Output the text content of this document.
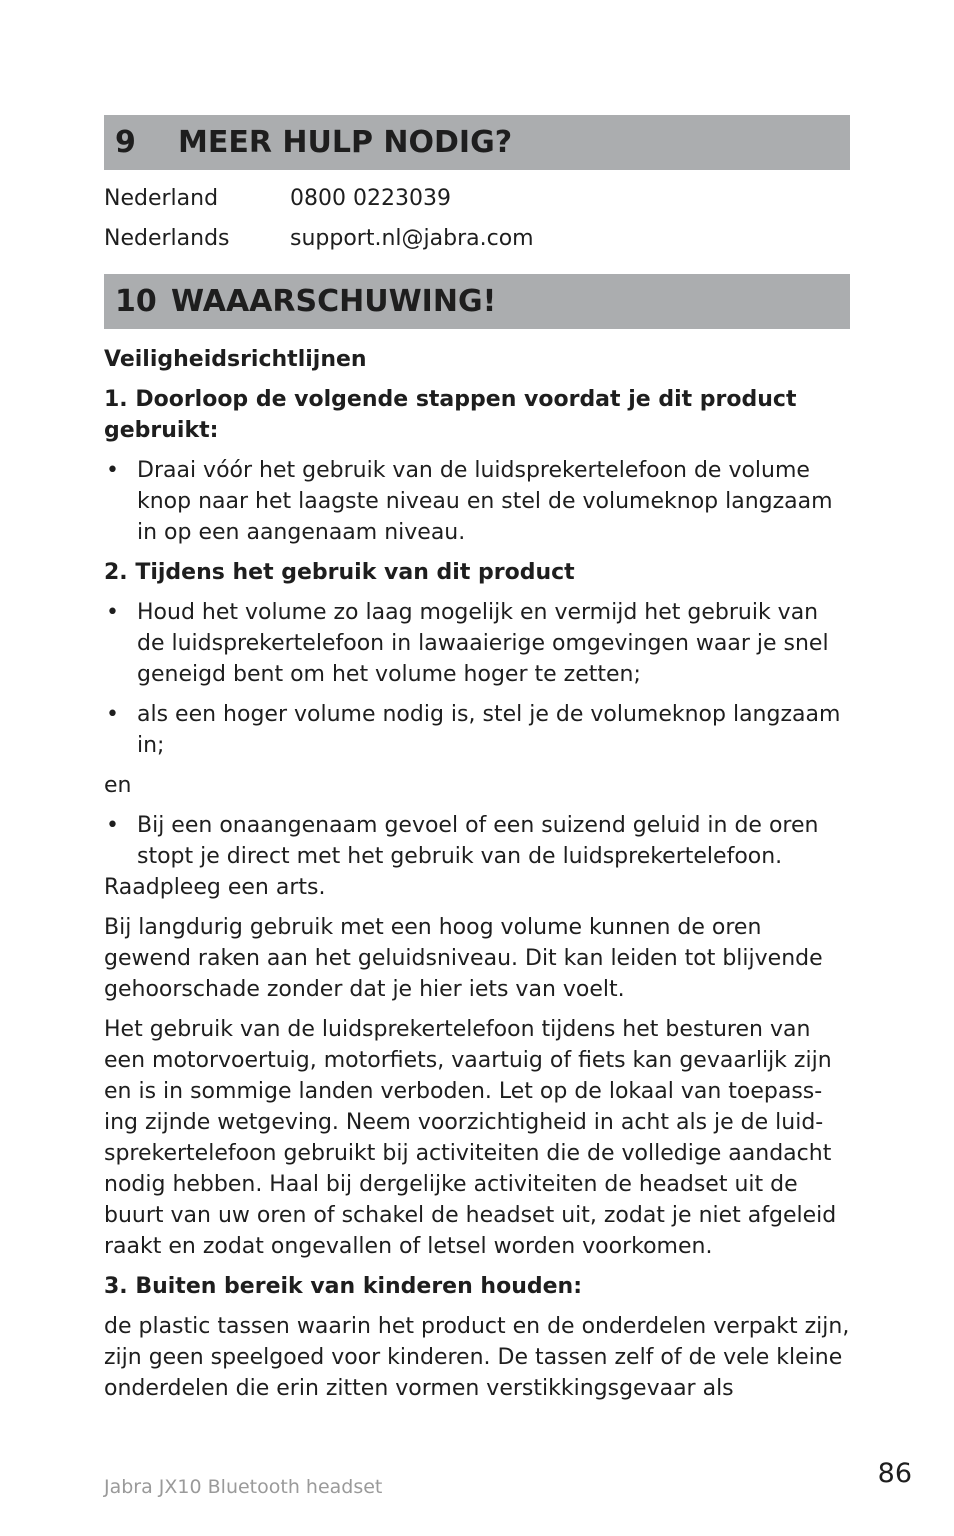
9 MEER HULP NODIG?
Nederland	0800 0223039
Nederlands	support.nl@jabra.com
10 WAAARSCHUWING!

Veiligheidsrichtlijnen

1. Doorloop de volgende stappen voordat je dit product gebruikt:

• Draai vóór het gebruik van de luidsprekertelefoon de volume knop naar het laagste niveau en stel de volumeknop langzaam in op een aangenaam niveau.

2. Tijdens het gebruik van dit product

• Houd het volume zo laag mogelijk en vermijd het gebruik van de luidsprekertelefoon in lawaaierige omgevingen waar je snel geneigd bent om het volume hoger te zetten;
• als een hoger volume nodig is, stel je de volumeknop langzaam in;

en

• Bij een onaangenaam gevoel of een suizend geluid in de oren stopt je direct met het gebruik van de luidsprekertelefoon.

Raadpleeg een arts.

Bij langdurig gebruik met een hoog volume kunnen de oren gewend raken aan het geluidsniveau. Dit kan leiden tot blijvende gehoorschade zonder dat je hier iets van voelt.

Het gebruik van de luidsprekertelefoon tijdens het besturen van een motorvoertuig, motorfiets, vaartuig of fiets kan gevaarlijk zijn en is in sommige landen verboden. Let op de lokaal van toepass-ing zijnde wetgeving. Neem voorzichtigheid in acht als je de luid-sprekertelefoon gebruikt bij activiteiten die de volledige aandacht nodig hebben. Haal bij dergelijke activiteiten de headset uit de buurt van uw oren of schakel de headset uit, zodat je niet afgeleid raakt en zodat ongevallen of letsel worden voorkomen.

3. Buiten bereik van kinderen houden:

de plastic tassen waarin het product en de onderdelen verpakt zijn, zijn geen speelgoed voor kinderen. De tassen zelf of de vele kleine onderdelen die erin zitten vormen verstikkingsgevaar als

Jabra JX10 Bluetooth headset	86
